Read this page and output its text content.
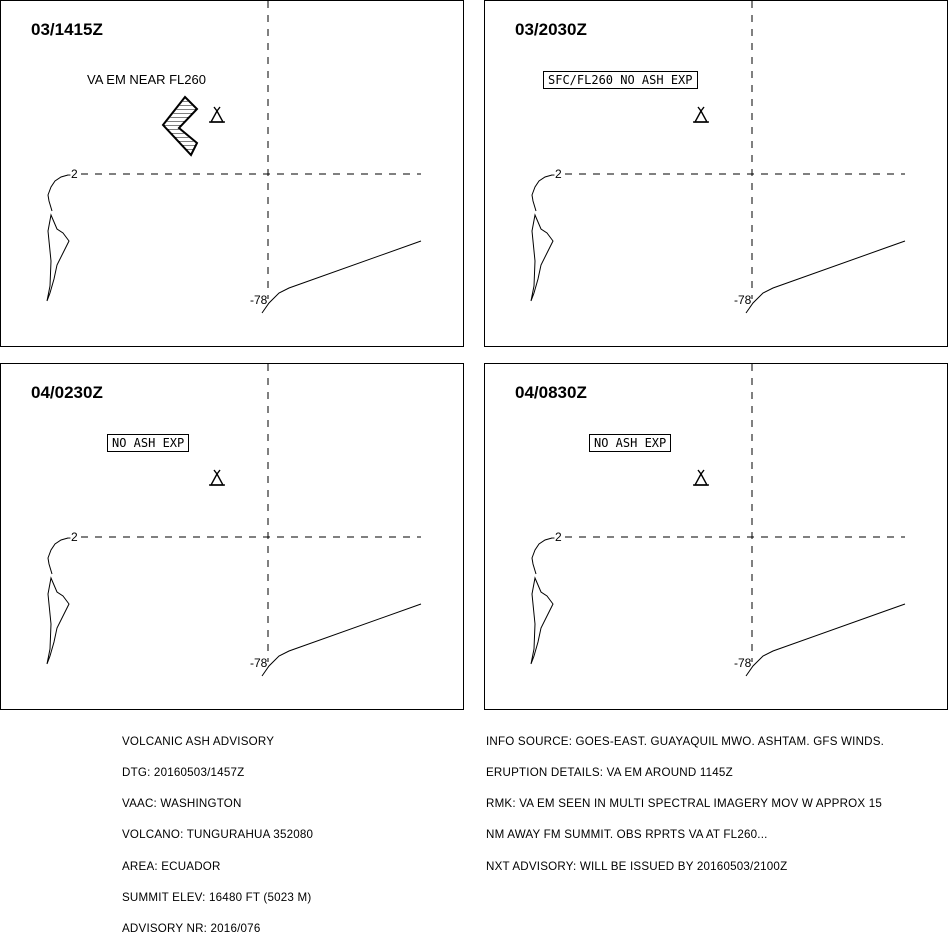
03/1415Z
VA EM NEAR FL260
-2
-78
03/2030Z
SFC/FL260 NO ASH EXP
-2
-78
04/0230Z
NO ASH EXP
-2
-78
04/0830Z
NO ASH EXP
-2
-78

VOLCANIC ASH ADVISORY

DTG: 20160503/1457Z

VAAC: WASHINGTON

VOLCANO: TUNGURAHUA 352080

AREA: ECUADOR

SUMMIT ELEV: 16480 FT (5023 M)

ADVISORY NR: 2016/076

INFO SOURCE: GOES-EAST. GUAYAQUIL MWO. ASHTAM. GFS WINDS.

ERUPTION DETAILS: VA EM AROUND 1145Z

RMK: VA EM SEEN IN MULTI SPECTRAL IMAGERY MOV W APPROX 15

NM AWAY FM SUMMIT. OBS RPRTS VA AT FL260...

NXT ADVISORY: WILL BE ISSUED BY 20160503/2100Z
